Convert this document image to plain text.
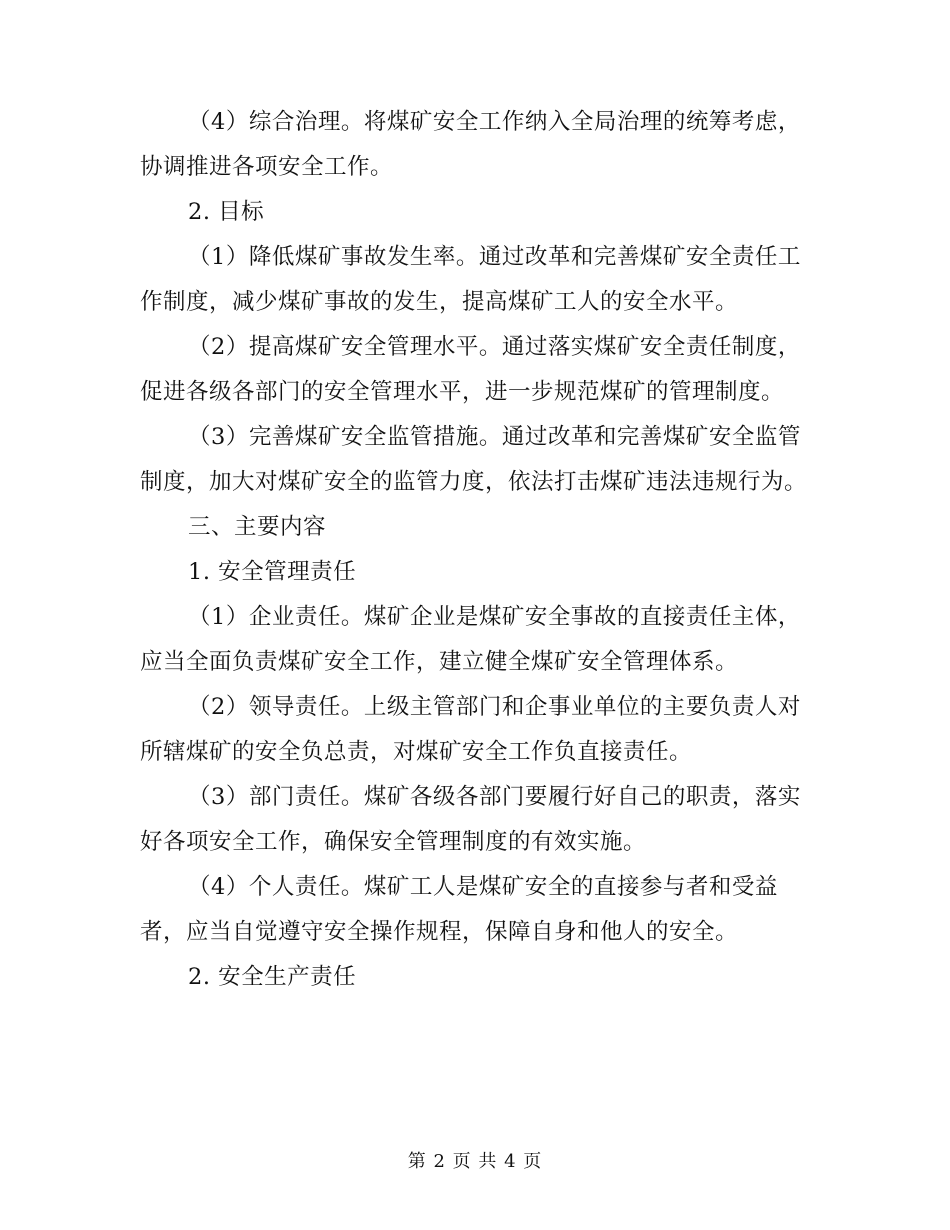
（4）综合治理。将煤矿安全工作纳入全局治理的统筹考虑，协调推进各项安全工作。

2. 目标

（1）降低煤矿事故发生率。通过改革和完善煤矿安全责任工作制度，减少煤矿事故的发生，提高煤矿工人的安全水平。

（2）提高煤矿安全管理水平。通过落实煤矿安全责任制度，促进各级各部门的安全管理水平，进一步规范煤矿的管理制度。

（3）完善煤矿安全监管措施。通过改革和完善煤矿安全监管制度，加大对煤矿安全的监管力度，依法打击煤矿违法违规行为。

三、主要内容

1. 安全管理责任

（1）企业责任。煤矿企业是煤矿安全事故的直接责任主体，应当全面负责煤矿安全工作，建立健全煤矿安全管理体系。

（2）领导责任。上级主管部门和企事业单位的主要负责人对所辖煤矿的安全负总责，对煤矿安全工作负直接责任。

（3）部门责任。煤矿各级各部门要履行好自己的职责，落实好各项安全工作，确保安全管理制度的有效实施。

（4）个人责任。煤矿工人是煤矿安全的直接参与者和受益者，应当自觉遵守安全操作规程，保障自身和他人的安全。

2. 安全生产责任

第 2 页 共 4 页
